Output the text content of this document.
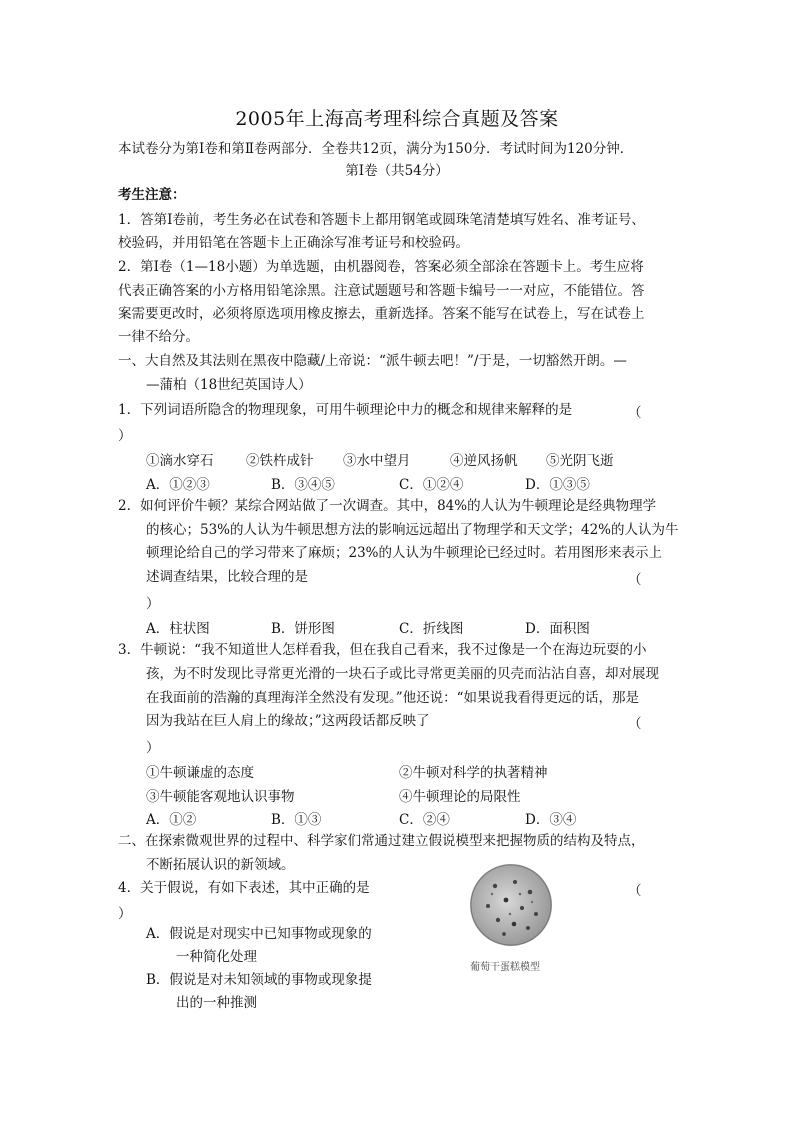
2005年上海高考理科综合真题及答案
本试卷分为第Ⅰ卷和第Ⅱ卷两部分．全卷共12页，满分为150分．考试时间为120分钟．
第Ⅰ卷（共54分）
考生注意：
1．答第Ⅰ卷前，考生务必在试卷和答题卡上都用钢笔或圆珠笔清楚填写姓名、准考证号、
校验码，并用铅笔在答题卡上正确涂写准考证号和校验码。
2．第Ⅰ卷（1—18小题）为单选题，由机器阅卷，答案必须全部涂在答题卡上。考生应将
代表正确答案的小方格用铅笔涂黑。注意试题题号和答题卡编号一一对应，不能错位。答
案需要更改时，必须将原选项用橡皮擦去，重新选择。答案不能写在试卷上，写在试卷上
一律不给分。
一、大自然及其法则在黑夜中隐藏/上帝说：“派牛顿去吧！”/于是，一切豁然开朗。—
—蒲柏（18世纪英国诗人）
1．下列词语所隐含的物理现象，可用牛顿理论中力的概念和规律来解释的是	（
）
①滴水穿石 ②铁杵成针 ③水中望月	④逆风扬帆 ⑤光阴飞逝
A．①②③	B．③④⑤	C．①②④	D．①③⑤
2．如何评价牛顿？某综合网站做了一次调查。其中，84%的人认为牛顿理论是经典物理学
的核心；53%的人认为牛顿思想方法的影响远远超出了物理学和天文学；42%的人认为牛
顿理论给自己的学习带来了麻烦；23%的人认为牛顿理论已经过时。若用图形来表示上
述调查结果，比较合理的是	（
）
A．柱状图	B．饼形图	C．折线图	D．面积图
3．牛顿说：“我不知道世人怎样看我，但在我自己看来，我不过像是一个在海边玩耍的小
孩，为不时发现比寻常更光滑的一块石子或比寻常更美丽的贝壳而沾沾自喜，却对展现
在我面前的浩瀚的真理海洋全然没有发现。”他还说：“如果说我看得更远的话，那是
因为我站在巨人肩上的缘故；”这两段话都反映了	（
）
①牛顿谦虚的态度	②牛顿对科学的执著精神
③牛顿能客观地认识事物	④牛顿理论的局限性
A．①②	B．①③	C．②④	D．③④
二、在探索微观世界的过程中、科学家们常通过建立假说模型来把握物质的结构及特点，
不断拓展认识的新领域。
4．关于假说，有如下表述，其中正确的是	（
）
A．假说是对现实中已知事物或现象的
一种简化处理
B．假说是对未知领域的事物或现象提
出的一种推测
葡萄干蛋糕模型
